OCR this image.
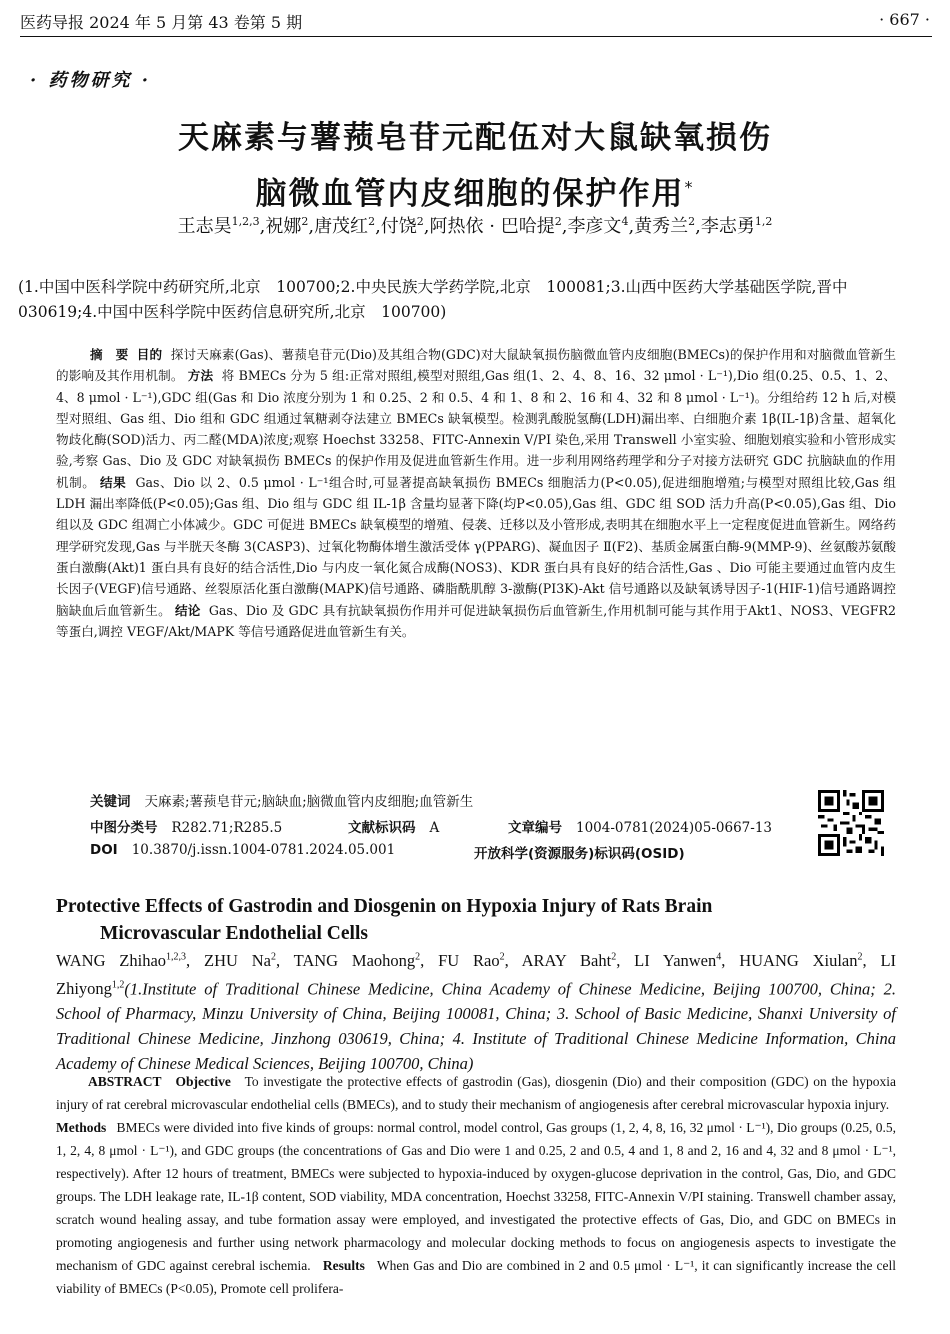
医药导报 2024 年 5 月第 43 卷第 5 期	· 667 ·
· 药物研究 ·
天麻素与薯蓣皂苷元配伍对大鼠缺氧损伤
脑微血管内皮细胞的保护作用*
王志昊$^{1,2,3}$,祝娜$^2$,唐茂红$^2$,付饶$^2$,阿热依 · 巴哈提$^2$,李彦文$^4$,黄秀兰$^2$,李志勇$^{1,2}$
(1.中国中医科学院中药研究所,北京　100700;2.中央民族大学药学院,北京　100081;3.山西中医药大学基础医学院,晋中　030619;4.中国中医科学院中医药信息研究所,北京　100700)
摘　要 目的 探讨天麻素(Gas)、薯蓣皂苷元(Dio)及其组合物(GDC)对大鼠缺氧损伤脑微血管内皮细胞(BMECs)的保护作用和对脑微血管新生的影响及其作用机制。 方法 将 BMECs 分为 5 组:正常对照组,模型对照组,Gas 组(1、2、4、8、16、32 μmol · L⁻¹),Dio 组(0.25、0.5、1、2、4、8 μmol · L⁻¹),GDC 组(Gas 和 Dio 浓度分别为 1 和 0.25、2 和 0.5、4 和 1、8 和 2、16 和 4、32 和 8 μmol · L⁻¹)。分组给药 12 h 后,对模型对照组、Gas 组、Dio 组和 GDC 组通过氧糖剥夺法建立 BMECs 缺氧模型。检测乳酸脱氢酶(LDH)漏出率、白细胞介素 1β(IL-1β)含量、超氧化物歧化酶(SOD)活力、丙二醛(MDA)浓度;观察 Hoechst 33258、FITC-Annexin V/PI 染色,采用 Transwell 小室实验、细胞划痕实验和小管形成实验,考察 Gas、Dio 及 GDC 对缺氧损伤 BMECs 的保护作用及促进血管新生作用。进一步利用网络药理学和分子对接方法研究 GDC 抗脑缺血的作用机制。 结果 Gas、Dio 以 2、0.5 μmol · L⁻¹组合时,可显著提高缺氧损伤 BMECs 细胞活力(P<0.05),促进细胞增殖;与模型对照组比较,Gas 组 LDH 漏出率降低(P<0.05);Gas 组、Dio 组与 GDC 组 IL-1β 含量均显著下降(均P<0.05),Gas 组、GDC 组 SOD 活力升高(P<0.05),Gas 组、Dio 组以及 GDC 组凋亡小体减少。GDC 可促进 BMECs 缺氧模型的增殖、侵袭、迁移以及小管形成,表明其在细胞水平上一定程度促进血管新生。网络药理学研究发现,Gas 与半胱天冬酶 3(CASP3)、过氧化物酶体增生激活受体 γ(PPARG)、凝血因子 Ⅱ(F2)、基质金属蛋白酶-9(MMP-9)、丝氨酸苏氨酸蛋白激酶(Akt)1 蛋白具有良好的结合活性,Dio 与内皮一氧化氮合成酶(NOS3)、KDR 蛋白具有良好的结合活性,Gas 、Dio 可能主要通过血管内皮生长因子(VEGF)信号通路、丝裂原活化蛋白激酶(MAPK)信号通路、磷脂酰肌醇 3-激酶(PI3K)-Akt 信号通路以及缺氧诱导因子-1(HIF-1)信号通路调控脑缺血后血管新生。 结论 Gas、Dio 及 GDC 具有抗缺氧损伤作用并可促进缺氧损伤后血管新生,作用机制可能与其作用于Akt1、NOS3、VEGFR2 等蛋白,调控 VEGF/Akt/MAPK 等信号通路促进血管新生有关。
关键词 天麻素;薯蓣皂苷元;脑缺血;脑微血管内皮细胞;血管新生
中图分类号 R282.71;R285.5	文献标识码 A	文章编号 1004-0781(2024)05-0667-13
DOI 10.3870/j.issn.1004-0781.2024.05.001	开放科学(资源服务)标识码(OSID)
Protective Effects of Gastrodin and Diosgenin on Hypoxia Injury of Rats Brain
Microvascular Endothelial Cells
WANG Zhihao$^{1,2,3}$, ZHU Na$^2$, TANG Maohong$^2$, FU Rao$^2$, ARAY Baht$^2$, LI Yanwen$^4$, HUANG Xiulan$^2$, LI Zhiyong$^{1,2}$(1.Institute of Traditional Chinese Medicine, China Academy of Chinese Medicine, Beijing 100700, China; 2. School of Pharmacy, Minzu University of China, Beijing 100081, China; 3. School of Basic Medicine, Shanxi University of Traditional Chinese Medicine, Jinzhong 030619, China; 4. Institute of Traditional Chinese Medicine Information, China Academy of Chinese Medical Sciences, Beijing 100700, China)
ABSTRACT Objective To investigate the protective effects of gastrodin (Gas), diosgenin (Dio) and their composition (GDC) on the hypoxia injury of rat cerebral microvascular endothelial cells (BMECs), and to study their mechanism of angiogenesis after cerebral microvascular hypoxia injury.   Methods BMECs were divided into five kinds of groups: normal control, model control, Gas groups (1, 2, 4, 8, 16, 32 μmol · L⁻¹), Dio groups (0.25, 0.5, 1, 2, 4, 8 μmol · L⁻¹), and GDC groups (the concentrations of Gas and Dio were 1 and 0.25, 2 and 0.5, 4 and 1, 8 and 2, 16 and 4, 32 and 8 μmol · L⁻¹, respectively). After 12 hours of treatment, BMECs were subjected to hypoxia-induced by oxygen-glucose deprivation in the control, Gas, Dio, and GDC groups. The LDH leakage rate, IL-1β content, SOD viability, MDA concentration, Hoechst 33258, FITC-Annexin V/PI staining. Transwell chamber assay, scratch wound healing assay, and tube formation assay were employed, and investigated the protective effects of Gas, Dio, and GDC on BMECs in promoting angiogenesis and further using network pharmacology and molecular docking methods to focus on angiogenesis aspects to investigate the mechanism of GDC against cerebral ischemia. Results When Gas and Dio are combined in 2 and 0.5 μmol · L⁻¹, it can significantly increase the cell viability of BMECs (P<0.05), Promote cell prolifera-
